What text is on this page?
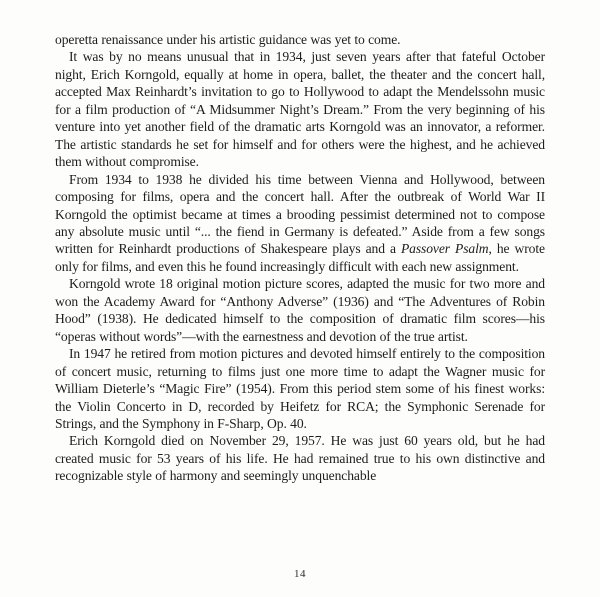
operetta renaissance under his artistic guidance was yet to come.

It was by no means unusual that in 1934, just seven years after that fateful October night, Erich Korngold, equally at home in opera, ballet, the theater and the concert hall, accepted Max Reinhardt’s invitation to go to Hollywood to adapt the Mendelssohn music for a film production of “A Midsummer Night’s Dream.” From the very beginning of his venture into yet another field of the dramatic arts Korngold was an innovator, a reformer. The artistic standards he set for himself and for others were the highest, and he achieved them without compromise.

From 1934 to 1938 he divided his time between Vienna and Hollywood, between composing for films, opera and the concert hall. After the outbreak of World War II Korngold the optimist became at times a brooding pessimist determined not to compose any absolute music until “... the fiend in Germany is defeated.” Aside from a few songs written for Reinhardt productions of Shakespeare plays and a Passover Psalm, he wrote only for films, and even this he found increasingly difficult with each new assignment.

Korngold wrote 18 original motion picture scores, adapted the music for two more and won the Academy Award for “Anthony Adverse” (1936) and “The Adventures of Robin Hood” (1938). He dedicated himself to the composition of dramatic film scores—his “operas without words”—with the earnestness and devotion of the true artist.

In 1947 he retired from motion pictures and devoted himself entirely to the composition of concert music, returning to films just one more time to adapt the Wagner music for William Dieterle’s “Magic Fire” (1954). From this period stem some of his finest works: the Violin Concerto in D, recorded by Heifetz for RCA; the Symphonic Serenade for Strings, and the Symphony in F-Sharp, Op. 40.

Erich Korngold died on November 29, 1957. He was just 60 years old, but he had created music for 53 years of his life. He had remained true to his own distinctive and recognizable style of harmony and seemingly unquenchable

14
